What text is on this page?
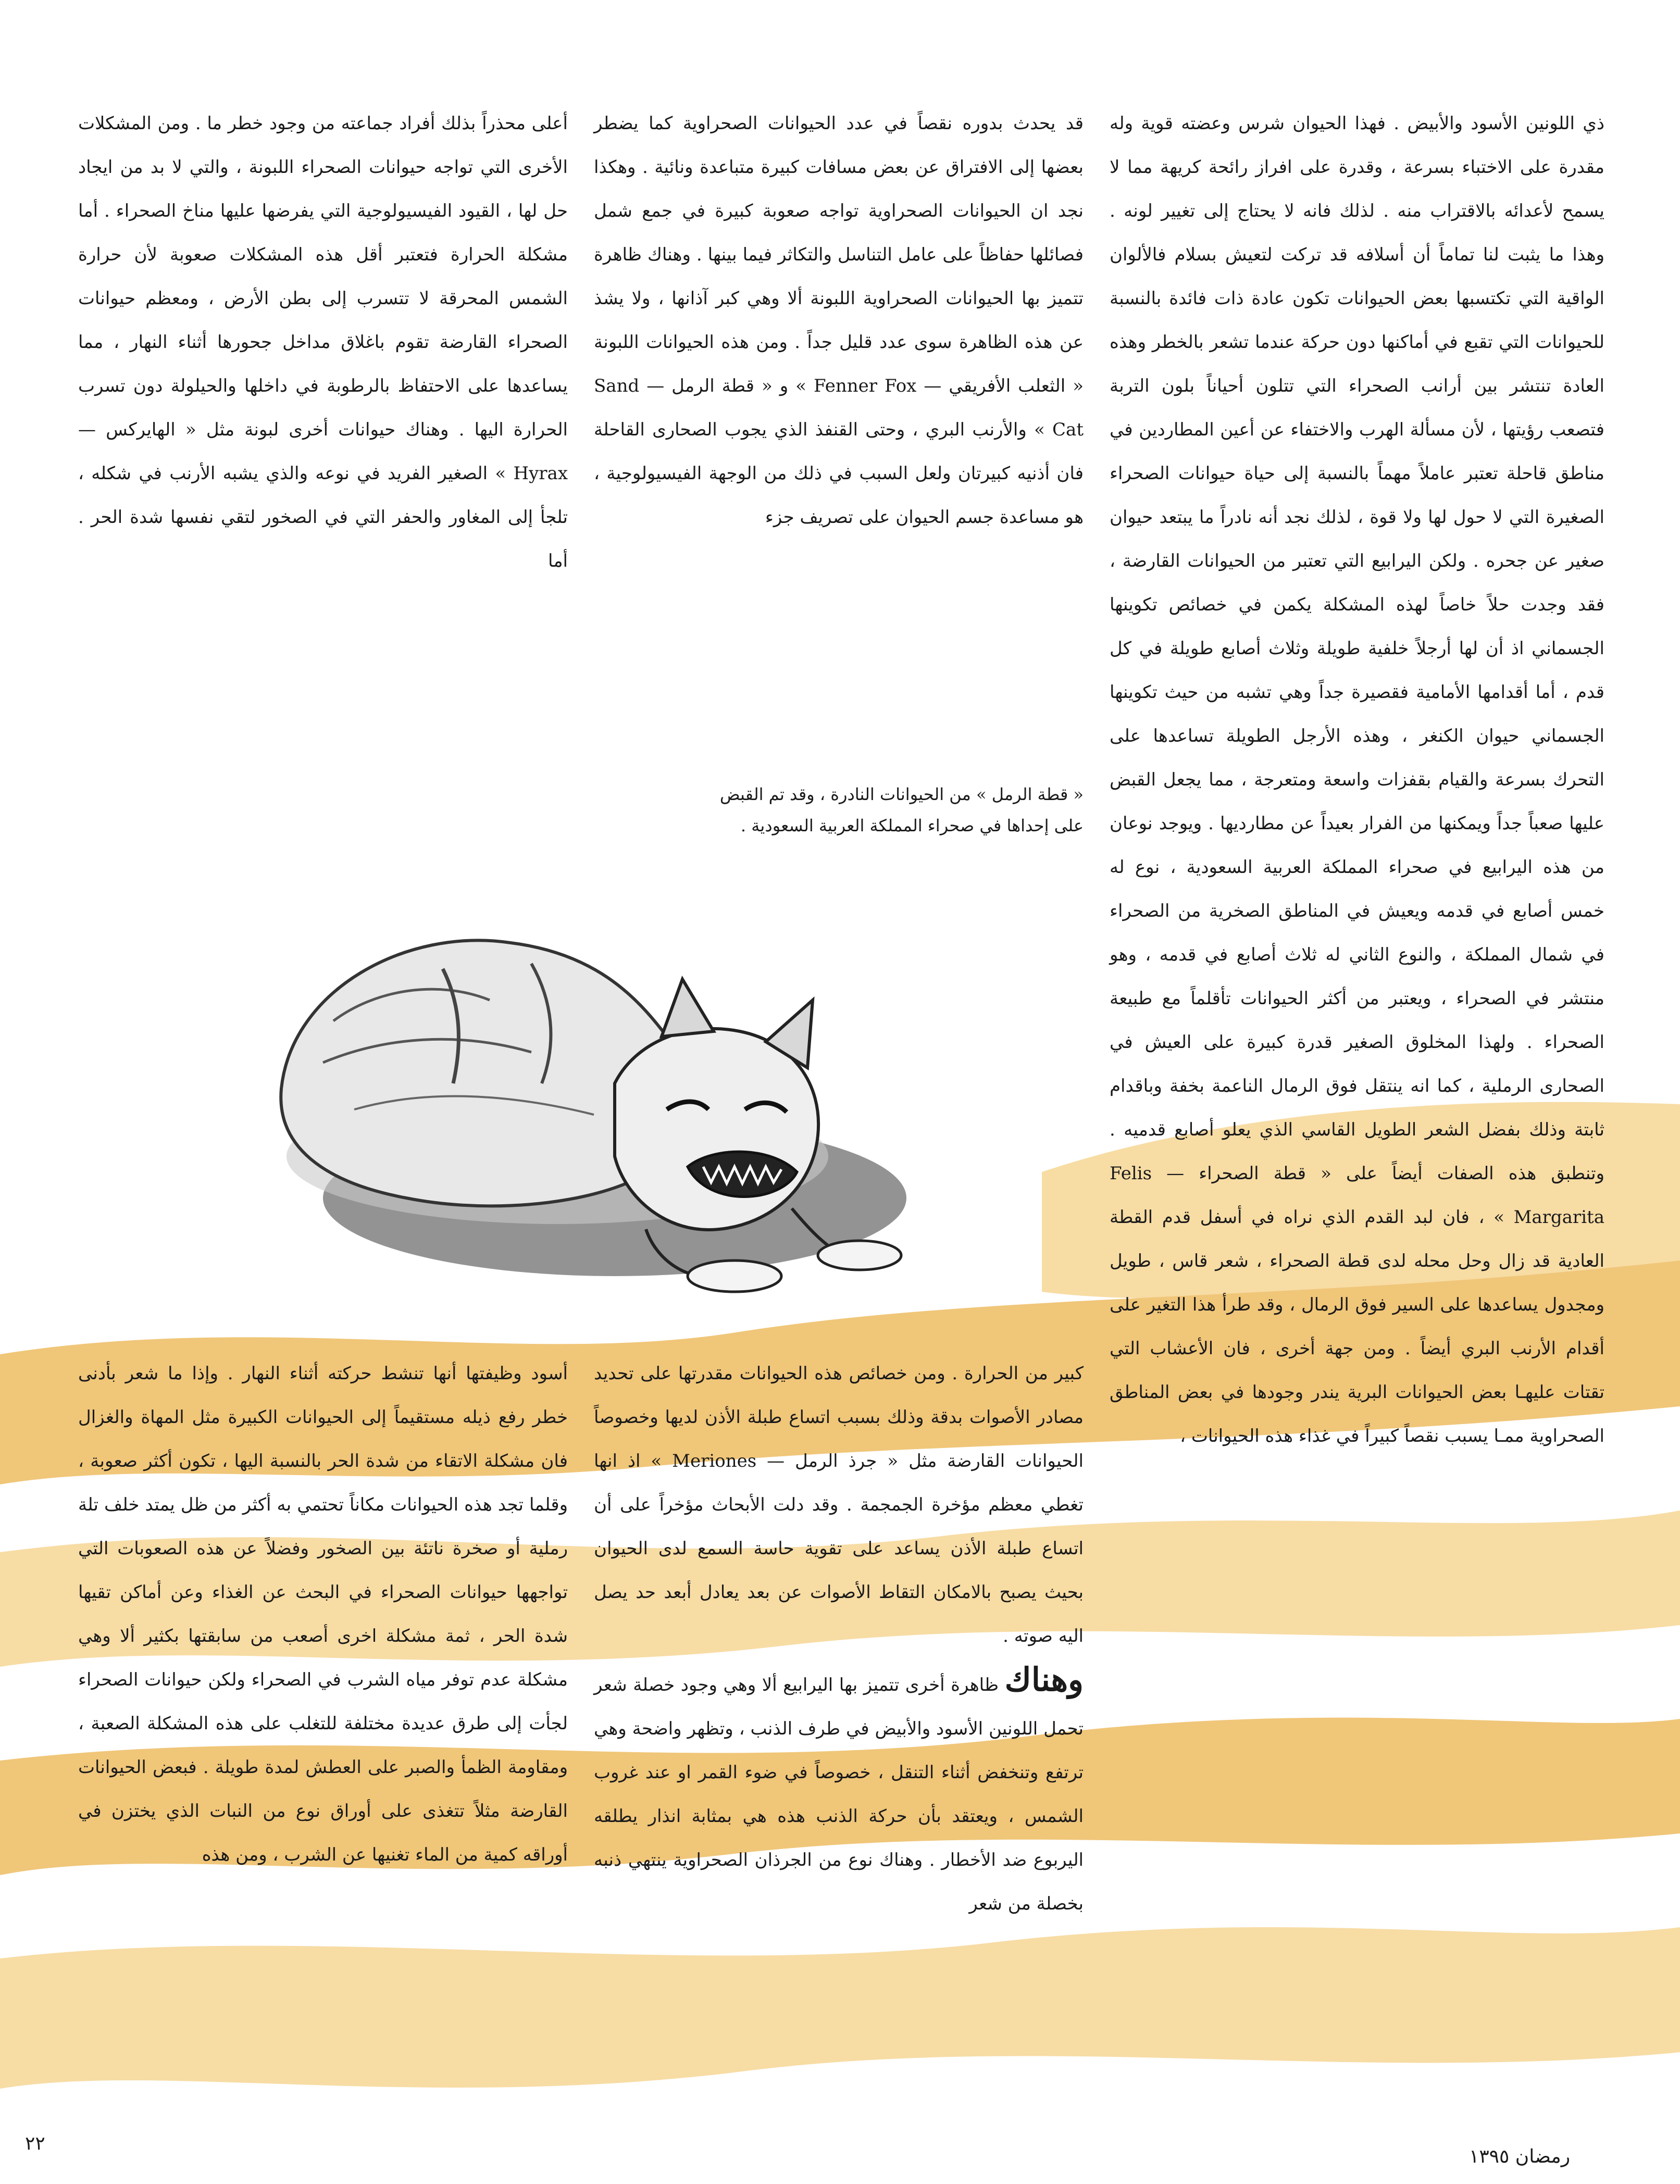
ذي اللونين الأسود والأبيض . فهذا الحيوان شرس وعضته قوية وله مقدرة على الاختباء بسرعة ، وقدرة على افراز رائحة كريهة مما لا يسمح لأعدائه بالاقتراب منه . لذلك فانه لا يحتاج إلى تغيير لونه . وهذا ما يثبت لنا تماماً أن أسلافه قد تركت لتعيش بسلام فالألوان الواقية التي تكتسبها بعض الحيوانات تكون عادة ذات فائدة بالنسبة للحيوانات التي تقبع في أماكنها دون حركة عندما تشعر بالخطر وهذه العادة تنتشر بين أرانب الصحراء التي تتلون أحياناً بلون التربة فتصعب رؤيتها ، لأن مسألة الهرب والاختفاء عن أعين المطاردين في مناطق قاحلة تعتبر عاملاً مهماً بالنسبة إلى حياة حيوانات الصحراء الصغيرة التي لا حول لها ولا قوة ، لذلك نجد أنه نادراً ما يبتعد حيوان صغير عن جحره . ولكن اليرابيع التي تعتبر من الحيوانات القارضة ، فقد وجدت حلاً خاصاً لهذه المشكلة يكمن في خصائص تكوينها الجسماني اذ أن لها أرجلاً خلفية طويلة وثلاث أصابع طويلة في كل قدم ، أما أقدامها الأمامية فقصيرة جداً وهي تشبه من حيث تكوينها الجسماني حيوان الكنغر ، وهذه الأرجل الطويلة تساعدها على التحرك بسرعة والقيام بقفزات واسعة ومتعرجة ، مما يجعل القبض عليها صعباً جداً ويمكنها من الفرار بعيداً عن مطارديها . ويوجد نوعان من هذه اليرابيع في صحراء المملكة العربية السعودية ، نوع له خمس أصابع في قدمه ويعيش في المناطق الصخرية من الصحراء في شمال المملكة ، والنوع الثاني له ثلاث أصابع في قدمه ، وهو منتشر في الصحراء ، ويعتبر من أكثر الحيوانات تأقلماً مع طبيعة الصحراء . ولهذا المخلوق الصغير قدرة كبيرة على العيش في الصحارى الرملية ، كما انه ينتقل فوق الرمال الناعمة بخفة وباقدام ثابتة وذلك بفضل الشعر الطويل القاسي الذي يعلو أصابع قدميه . وتنطبق هذه الصفات أيضاً على « قطة الصحراء — Felis Margarita » ، فان لبد القدم الذي نراه في أسفل قدم القطة العادية قد زال وحل محله لدى قطة الصحراء ، شعر قاس ، طويل ومجدول يساعدها على السير فوق الرمال ، وقد طرأ هذا التغير على أقدام الأرنب البري أيضاً . ومن جهة أخرى ، فان الأعشاب التي تقتات عليهـا بعض الحيوانات البرية يندر وجودها في بعض المناطق الصحراوية ممـا يسبب نقصاً كبيراً في غذاء هذه الحيوانات ،

قد يحدث بدوره نقصاً في عدد الحيوانات الصحراوية كما يضطر بعضها إلى الافتراق عن بعض مسافات كبيرة متباعدة ونائية . وهكذا نجد ان الحيوانات الصحراوية تواجه صعوبة كبيرة في جمع شمل فصائلها حفاظاً على عامل التناسل والتكاثر فيما بينها . وهناك ظاهرة تتميز بها الحيوانات الصحراوية اللبونة ألا وهي كبر آذانها ، ولا يشذ عن هذه الظاهرة سوى عدد قليل جداً . ومن هذه الحيوانات اللبونة « الثعلب الأفريقي — Fenner Fox » و « قطة الرمل — Sand Cat » والأرنب البري ، وحتى القنفذ الذي يجوب الصحارى القاحلة فان أذنيه كبيرتان ولعل السبب في ذلك من الوجهة الفيسيولوجية ، هو مساعدة جسم الحيوان على تصريف جزء

أعلى محذراً بذلك أفراد جماعته من وجود خطر ما . ومن المشكلات الأخرى التي تواجه حيوانات الصحراء اللبونة ، والتي لا بد من ايجاد حل لها ، القيود الفيسيولوجية التي يفرضها عليها مناخ الصحراء . أما مشكلة الحرارة فتعتبر أقل هذه المشكلات صعوبة لأن حرارة الشمس المحرقة لا تتسرب إلى بطن الأرض ، ومعظم حيوانات الصحراء القارضة تقوم باغلاق مداخل جحورها أثناء النهار ، مما يساعدها على الاحتفاظ بالرطوبة في داخلها والحيلولة دون تسرب الحرارة اليها . وهناك حيوانات أخرى لبونة مثل « الهايركس — Hyrax » الصغير الفريد في نوعه والذي يشبه الأرنب في شكله ، تلجأ إلى المغاور والحفر التي في الصخور لتقي نفسها شدة الحر . أما

« قطة الرمل » من الحيوانات النادرة ، وقد تم القبض
على إحداها في صحراء المملكة العربية السعودية .

كبير من الحرارة . ومن خصائص هذه الحيوانات مقدرتها على تحديد مصادر الأصوات بدقة وذلك بسبب اتساع طبلة الأذن لديها وخصوصاً الحيوانات القارضة مثل « جرذ الرمل — Meriones » اذ انها تغطي معظم مؤخرة الجمجمة . وقد دلت الأبحاث مؤخراً على أن اتساع طبلة الأذن يساعد على تقوية حاسة السمع لدى الحيوان بحيث يصبح بالامكان التقاط الأصوات عن بعد يعادل أبعد حد يصل اليه صوته .

وهناك ظاهرة أخرى تتميز بها اليرابيع ألا وهي وجود خصلة شعر تحمل اللونين الأسود والأبيض في طرف الذنب ، وتظهر واضحة وهي ترتفع وتنخفض أثناء التنقل ، خصوصاً في ضوء القمر او عند غروب الشمس ، ويعتقد بأن حركة الذنب هذه هي بمثابة انذار يطلقه اليربوع ضد الأخطار . وهناك نوع من الجرذان الصحراوية ينتهي ذنبه بخصلة من شعر

أسود وظيفتها أنها تنشط حركته أثناء النهار . وإذا ما شعر بأدنى خطر رفع ذيله مستقيماً إلى الحيوانات الكبيرة مثل المهاة والغزال فان مشكلة الاتقاء من شدة الحر بالنسبة اليها ، تكون أكثر صعوبة ، وقلما تجد هذه الحيوانات مكاناً تحتمي به أكثر من ظل يمتد خلف تلة رملية أو صخرة ناتئة بين الصخور وفضلاً عن هذه الصعوبات التي تواجهها حيوانات الصحراء في البحث عن الغذاء وعن أماكن تقيها شدة الحر ، ثمة مشكلة اخرى أصعب من سابقتها بكثير ألا وهي مشكلة عدم توفر مياه الشرب في الصحراء ولكن حيوانات الصحراء لجأت إلى طرق عديدة مختلفة للتغلب على هذه المشكلة الصعبة ، ومقاومة الظمأ والصبر على العطش لمدة طويلة . فبعض الحيوانات القارضة مثلاً تتغذى على أوراق نوع من النبات الذي يختزن في أوراقه كمية من الماء تغنيها عن الشرب ، ومن هذه

٢٢
رمضان ١٣٩٥
